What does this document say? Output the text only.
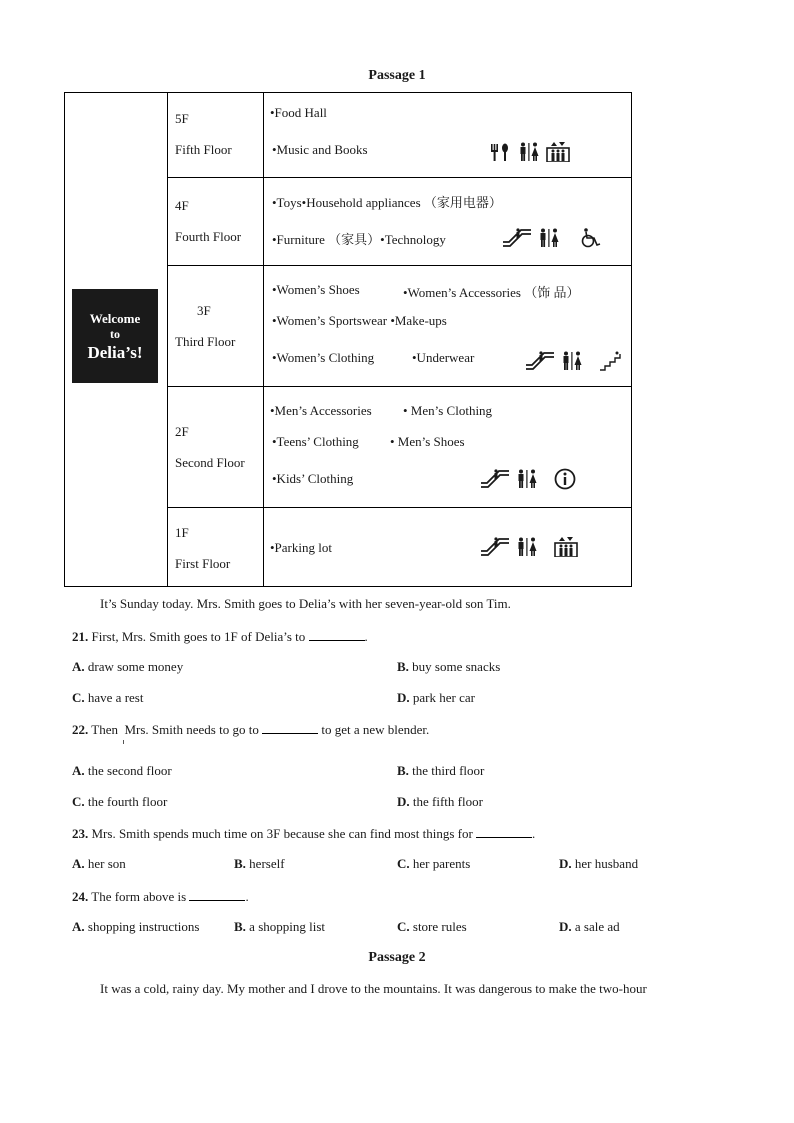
Passage 1
Welcome
to
Delia’s!
5F
Fifth Floor
•Food Hall
•Music and Books
4F
Fourth Floor
•Toys•Household appliances （家用电器）
•Furniture （家具）•Technology
3F
Third Floor
•Women’s Shoes	•Women’s Accessories （饰 品）
•Women’s Sportswear •Make-ups
•Women’s Clothing	•Underwear
2F
Second Floor
•Men’s Accessories • Men’s Clothing
•Teens’ Clothing • Men’s Shoes
•Kids’ Clothing
1F
First Floor
•Parking lot
It’s Sunday today. Mrs. Smith goes to Delia’s with her seven-year-old son Tim.
21. First, Mrs. Smith goes to 1F of Delia’s to	.
A. draw some money	B. buy some snacks
C. have a rest	D. park her car
22. Then Mrs. Smith needs to go to	to get a new blender.
A. the second floor	B. the third floor
C. the fourth floor	D. the fifth floor
23. Mrs. Smith spends much time on 3F because she can find most things for	.
A. her son	B. herself	C. her parents	D. her husband
24. The form above is	.
A. shopping instructions	B. a shopping list	C. store rules	D. a sale ad
Passage 2
It was a cold, rainy day. My mother and I drove to the mountains. It was dangerous to make the two-hour
